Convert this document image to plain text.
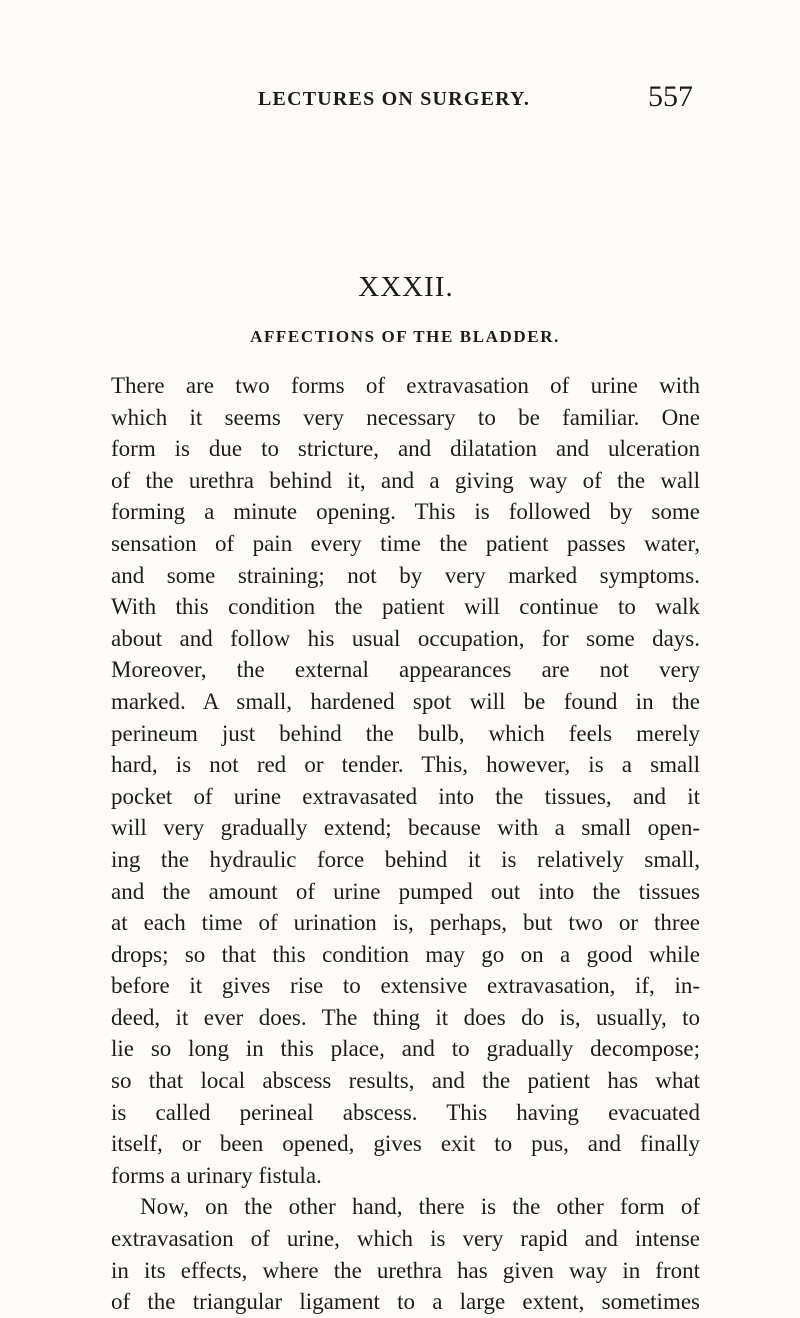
LECTURES ON SURGERY.	557
XXXII.
AFFECTIONS OF THE BLADDER.
There are two forms of extravasation of urine with
which it seems very necessary to be familiar. One
form is due to stricture, and dilatation and ulceration
of the urethra behind it, and a giving way of the wall
forming a minute opening. This is followed by some
sensation of pain every time the patient passes water,
and some straining; not by very marked symptoms.
With this condition the patient will continue to walk
about and follow his usual occupation, for some days.
Moreover, the external appearances are not very
marked. A small, hardened spot will be found in the
perineum just behind the bulb, which feels merely
hard, is not red or tender. This, however, is a small
pocket of urine extravasated into the tissues, and it
will very gradually extend; because with a small open-
ing the hydraulic force behind it is relatively small,
and the amount of urine pumped out into the tissues
at each time of urination is, perhaps, but two or three
drops; so that this condition may go on a good while
before it gives rise to extensive extravasation, if, in-
deed, it ever does. The thing it does do is, usually, to
lie so long in this place, and to gradually decompose;
so that local abscess results, and the patient has what
is called perineal abscess. This having evacuated
itself, or been opened, gives exit to pus, and finally
forms a urinary fistula.
Now, on the other hand, there is the other form of
extravasation of urine, which is very rapid and intense
in its effects, where the urethra has given way in front
of the triangular ligament to a large extent, sometimes
